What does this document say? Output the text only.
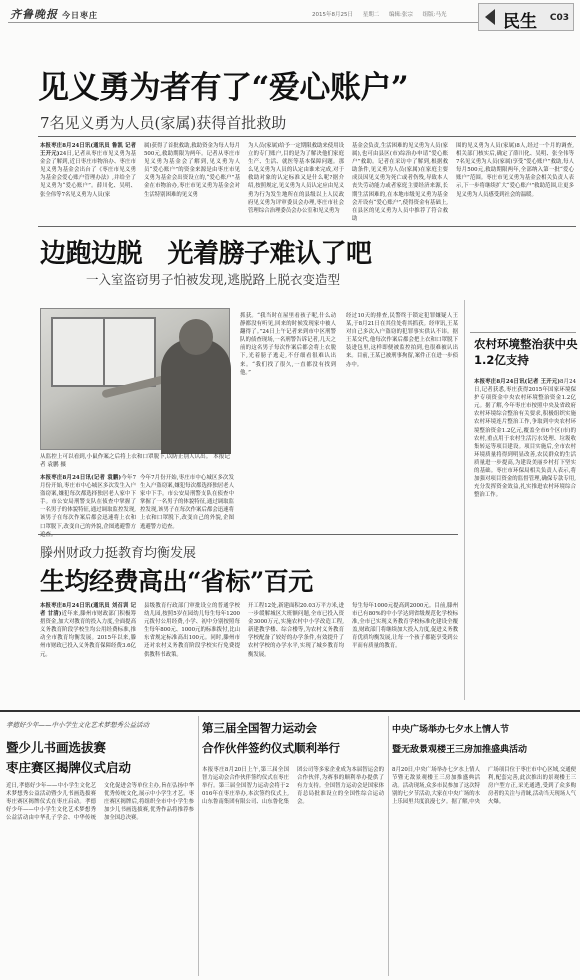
齐鲁晚报 今日枣庄	2015年8月25日 星期二 编辑:张宗 组版:马光	民生 C03
见义勇为者有了“爱心账户”
7名见义勇为人员(家属)获得首批救助
本报枣庄8月24日讯(通讯员 鲁凯 记者 王开元)24日,记者从枣庄市见义勇为基金会了解到,近日枣庄市物治办、枣庄市见义勇为基金会出台了《枣庄市见义勇为基金会爱心账户管理办法》,并给全了见义勇为“爱心账户”。薛川化、吴明、张全伟等7名见义勇为人员(家
属)获得了首批救助,救助资金为每人每月500元,救助期限为两年。记者从枣庄市见义勇为基金会了解到,见义勇为人员“爱心账户”的资金来源是由枣庄市见义勇为基金会出资设立的,“爱心账户”基金在市物治办,枣庄市见义勇为基金会对生活特别困难的见义勇
为人员(家属)给予一定期限救助来使用设立的专门账户,目的是为了解决他们家庭生产、生活、就医等基本保障问题。那么见义勇为人员的认定由谁来完成,对于救助对象的认定标准又是什么呢?据介绍,按照规定,见义勇为人员认定应由见义勇为行为发生地所在的县级以上人民政府见义勇为评审委员会办理,枣庄市社会管理综合治理委员会办公室和见义勇为
基金会负责,生活困难的见义勇为人员(家属),也可由县区(市)综治办申请“爱心账户”救助。记者在采访中了解到,根据救助条件,见义勇为人员(家属)在家庭主要成员因见义勇为死亡或者伤残,导致本人丧失劳动能力或者家庭主要经济来源,长期生活困难的,在本地市级见义勇为基金会开设有“爱心账户”,使得资金有基础上,在县区的见义勇为人员中推荐了符合救助
围的见义勇为人员(家属)8人,经过一个月的调查,相关部门核实后,确定了薛川化、吴明、张全伟等7名见义勇为人员(家属)享受“爱心账户”救助,每人每月500元,救助期限两年,全部纳入第一批“爱心账户”范围。枣庄市见义勇为基金会相关负责人表示,下一步将继续扩大“爱心账户”救助范围,让更多见义勇为人员感受到社会的温暖。
边跑边脱　光着膀子难认了吧
一入室盗窃男子怕被发现,逃脱路上脱衣变造型
从监控上可以看到,小鼠作案之后将上衣和口罩脱下,以防止别人认出。 本报记者 袁鹏 摄
本报枣庄8月24日讯(记者 袁鹏)今年7月份开始,枣庄市中心城区多次发生入户盗窃案,嫌犯每次都选择独居老人家中下手。市公安局刑警支队在侦查中掌握了一名男子的体貌特征,通过调取监控发现,该男子在每次作案后都会迅速将上衣和口罩脱下,改变自己的外貌,企图逃避警方
今年7月份开始,枣庄市中心城区多次发生入户盗窃案,嫌犯每次都选择独居老人家中下手。市公安局刑警支队在侦查中掌握了一名男子的体貌特征,通过调取监控发现,该男子在每次作案后都会迅速将上衣和口罩脱下,改变自己的外貌,企图逃避警方追查。
抓获。“我当时在屋里看孩子呢,什么动静都没有听见,回来的时候发现家中被人翻得了。”24日上午记者来到市中区刑警队的侦查现场,一名刑警告诉记者,几天之前的这名男子每次作案后都会将上衣脱下,光着膀子逃走,不仔细看很难认出来。“我们找了很久,一直都没有找到他。”
经过10天的排查,民警终于锁定犯罪嫌疑人王某,于8月21日在其住处将其抓获。经审讯,王某对自己多次入户盗窃的犯罪事实供认不讳。据王某交代,他每次作案后都会把上衣和口罩脱下装进包里,这样即便被监控拍到,也很难被认出来。目前,王某已被刑事拘留,案件正在进一步侦办中。
农村环境整治获中央1.2亿支持
本报枣庄8月24日讯(记者 王开元)8月24日,记者获悉,枣庄获得2015年国家环境保护专项资金中央农村环境整治资金1.2亿元。据了解,今年枣庄市按照中央及省政府农村环境综合整治有关要求,积极组织实施农村环境连片整治工作,争取到中央农村环境整治资金1.2亿元,覆盖全市6个区(市)的农村,重点用于农村生活污水处理、垃圾收集转运等项目建设。项目实施后,全市农村环境质量将得到明显改善,农民群众的生活质量进一步提高,为建设美丽乡村打下坚实的基础。枣庄市环保局相关负责人表示,将加强对项目资金的监督管理,确保专款专用,充分发挥资金效益,扎实推进农村环境综合整治工作。
滕州财政力挺教育均衡发展
生均经费高出“省标”百元
本报枣庄8月24日讯(通讯员 刘召训 记者 甘清)近年来,滕州市财政部门积极筹措资金,加大对教育的投入力度,全面提高义务教育阶段学校生均公用经费标准,推动全市教育均衡发展。2015年以来,滕州市财政已投入义务教育保障经费3.6亿元。
县级教育行政部门审批设立的普通学校幼儿园,按照5岁在园幼儿每生每年1200元拨付公用经费,小学、初中分别按照每生每年800元、1000元的标准拨付,比山东省规定标准高出100元。同时,滕州市还对农村义务教育阶段学校实行免费提供教科书政策。
开工程12处,新建面积20.03万平方米,进一步缓解城区大班额问题,全市已投入资金3000万元,实施农村中小学改造工程,新建教学楼、综合楼等,为农村义务教育学校配备了较好的办学条件,有效提升了农村学校的办学水平,实现了城乡教育均衡发展。
每生每年1000元提高到2000元。目前,滕州市已有80%的中小学达到省级规范化学校标准,全市已实现义务教育学校标准化建设全覆盖,财政部门将继续加大投入力度,促进义务教育优质均衡发展,让每一个孩子都能享受到公平而有质量的教育。
孝德好少年——中小学生文化艺术梦想秀公益活动
暨少儿书画选拔赛
枣庄赛区揭牌仪式启动
近日,孝德好少年——中小学生文化艺术梦想秀公益活动暨少儿书画选拔赛枣庄赛区揭牌仪式在枣庄启动。孝德好少年——中小学生文化艺术梦想秀公益活动由中华孔子学会、中华传统文化促进会等单位主办,旨在弘扬中华优秀传统文化,展示中小学生才艺。枣庄赛区揭牌后,将组织全市中小学生参加少儿书画选拔赛,优秀作品将推荐参加全国总决赛。
第三届全国智力运动会
合作伙伴签约仪式顺利举行
本报枣庄8月20日上午,第三届全国智力运动会合作伙伴签约仪式在枣庄举行。第三届全国智力运动会将于2016年在枣庄举办,本次签约仪式上,山东鲁南集团有限公司、山东鲁化集团公司等多家企业成为本届智运会的合作伙伴,为赛事的顺利举办提供了有力支持。全国智力运动会是国家体育总局批准设立的全国性综合运动会。
中央广场举办七夕水上情人节
暨无敌景观楼王三房加推盛典活动
8月20日,中央广场举办七夕水上情人节暨无敌景观楼王三房加推盛典活动。活动现场,众多市民参加了这次特别的七夕节活动,大家在中央广场的水上乐园里共度浪漫七夕。据了解,中央广场项目位于枣庄市中心区域,交通便利,配套完善,此次推出的景观楼王三房户型方正,采光通透,受到了众多购房者的关注与青睐,活动当天现场人气火爆。
